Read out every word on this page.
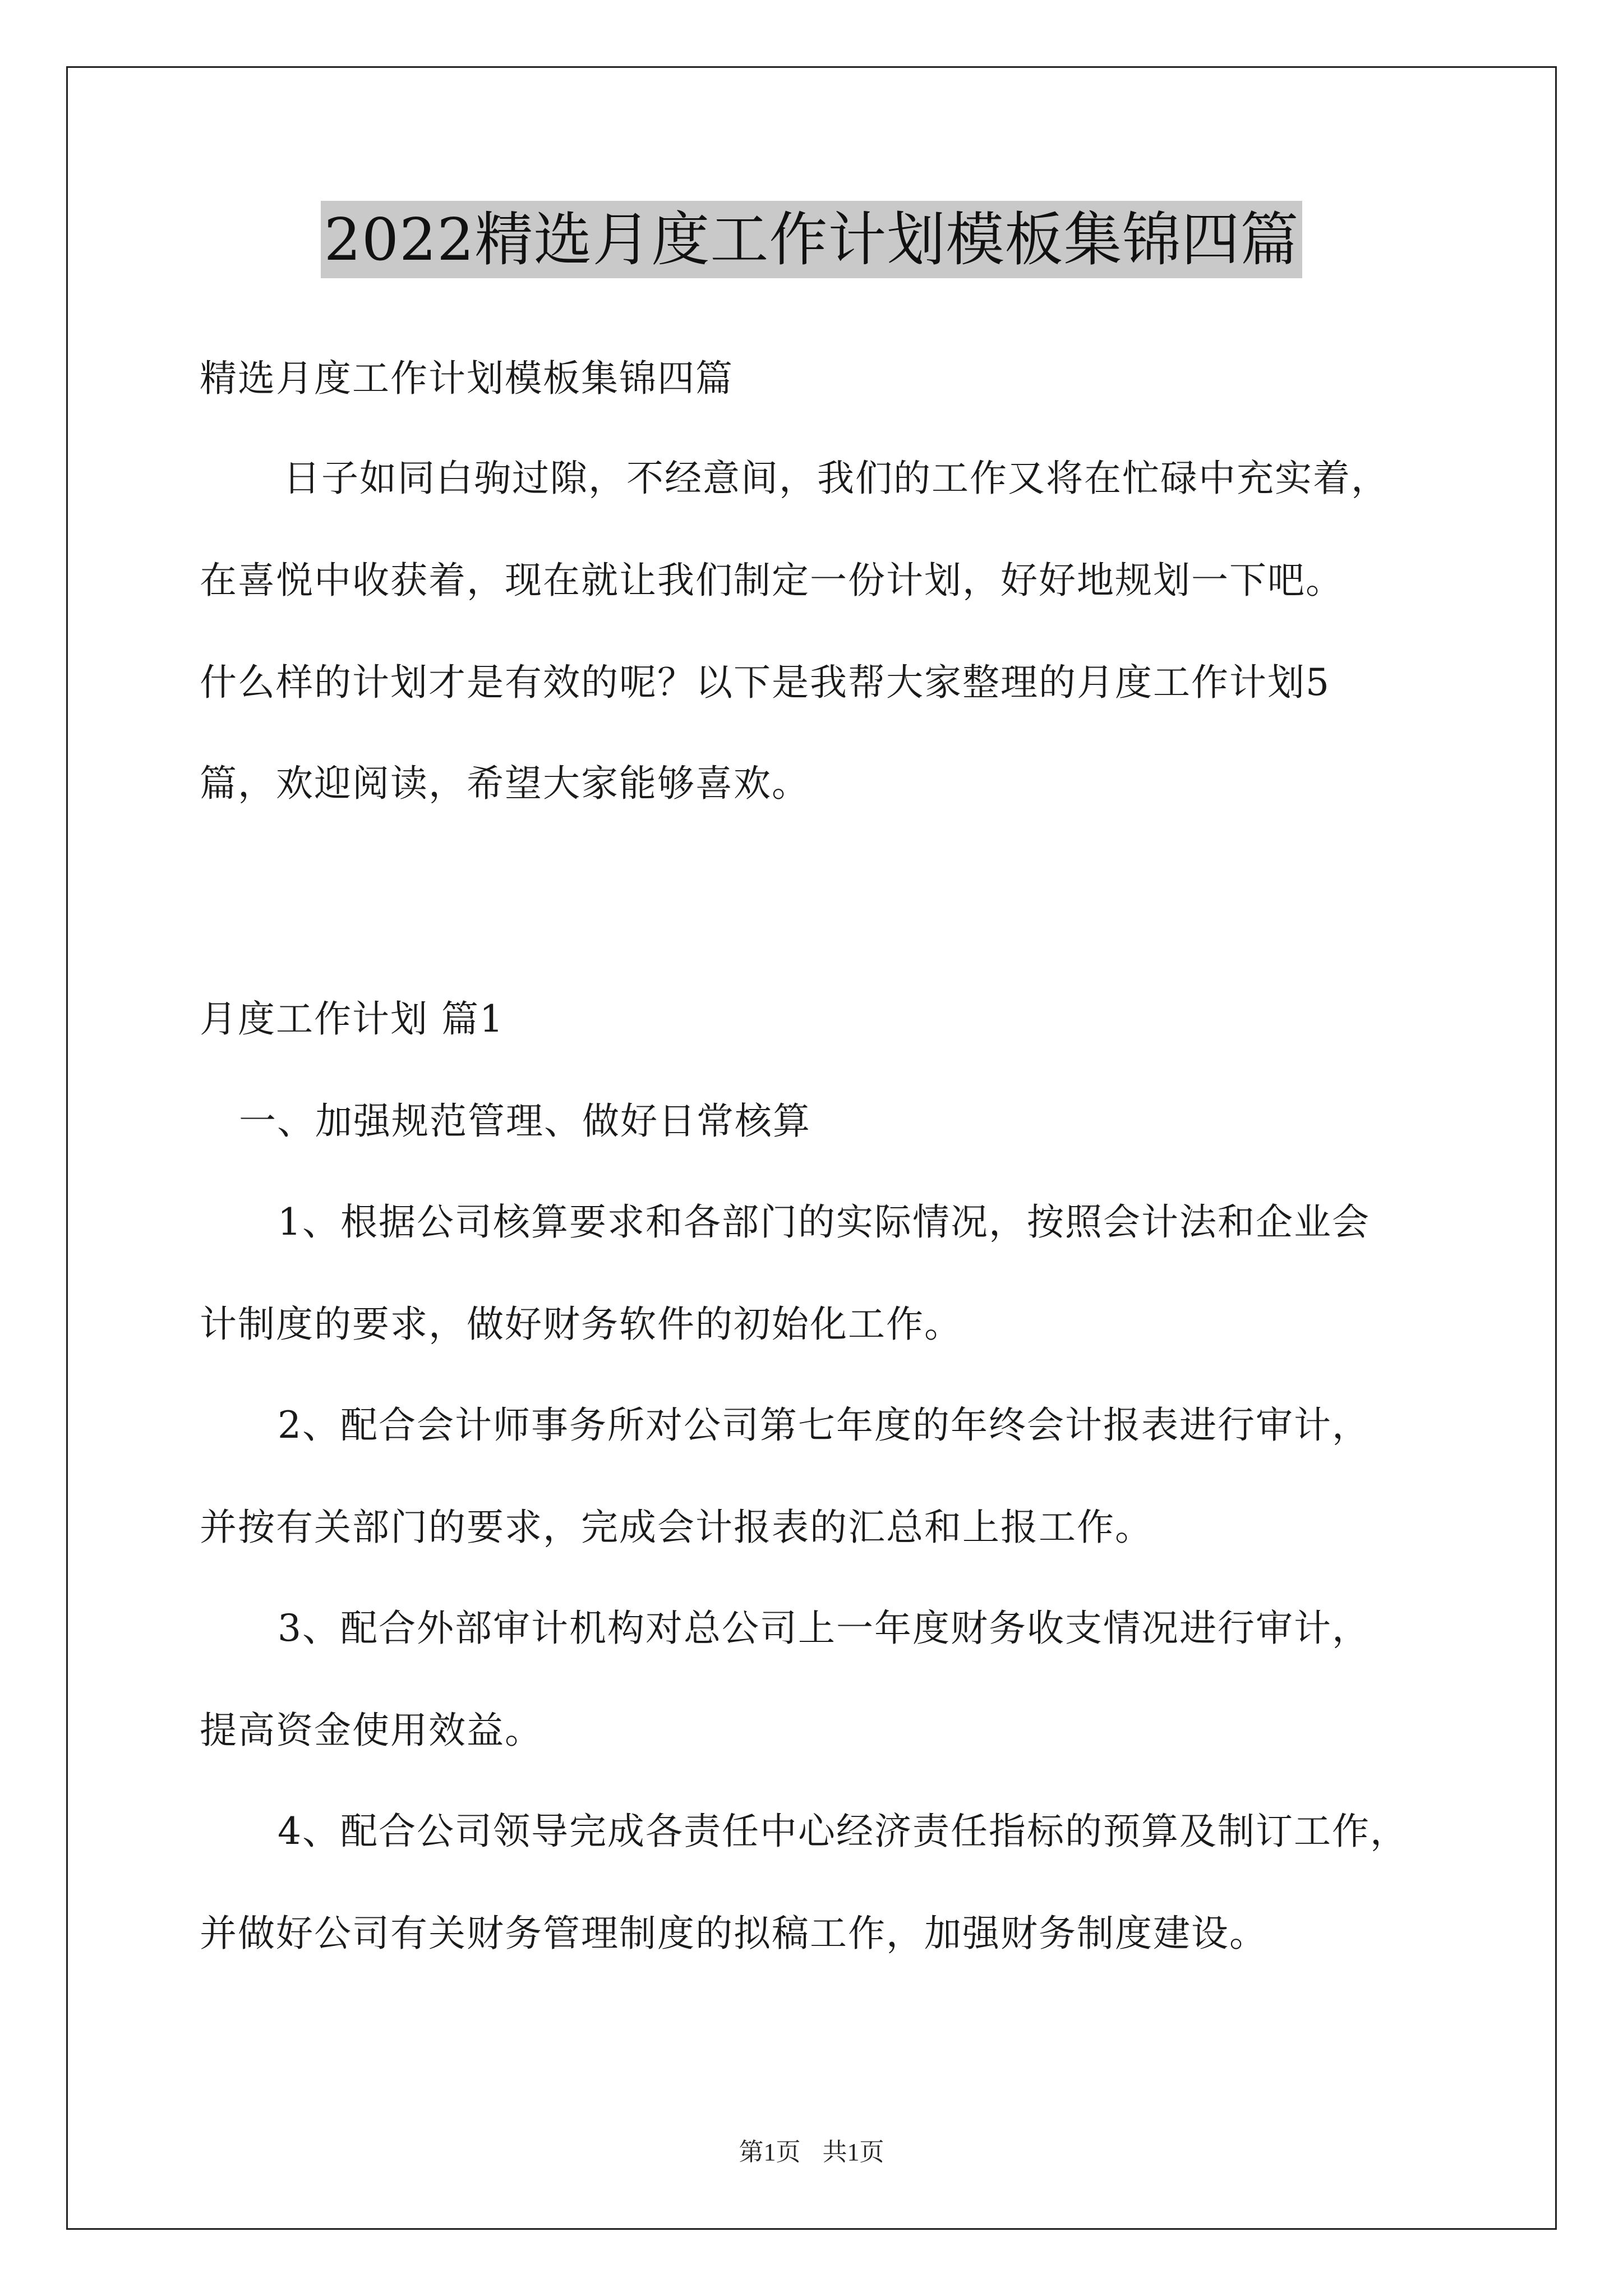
2022精选月度工作计划模板集锦四篇
精选月度工作计划模板集锦四篇
日子如同白驹过隙，不经意间，我们的工作又将在忙碌中充实着，
在喜悦中收获着，现在就让我们制定一份计划，好好地规划一下吧。
什么样的计划才是有效的呢？以下是我帮大家整理的月度工作计划5
篇，欢迎阅读，希望大家能够喜欢。
月度工作计划 篇1
一、加强规范管理、做好日常核算
1、根据公司核算要求和各部门的实际情况，按照会计法和企业会
计制度的要求，做好财务软件的初始化工作。
2、配合会计师事务所对公司第七年度的年终会计报表进行审计，
并按有关部门的要求，完成会计报表的汇总和上报工作。
3、配合外部审计机构对总公司上一年度财务收支情况进行审计，
提高资金使用效益。
4、配合公司领导完成各责任中心经济责任指标的预算及制订工作，
并做好公司有关财务管理制度的拟稿工作，加强财务制度建设。
第1页 共1页
